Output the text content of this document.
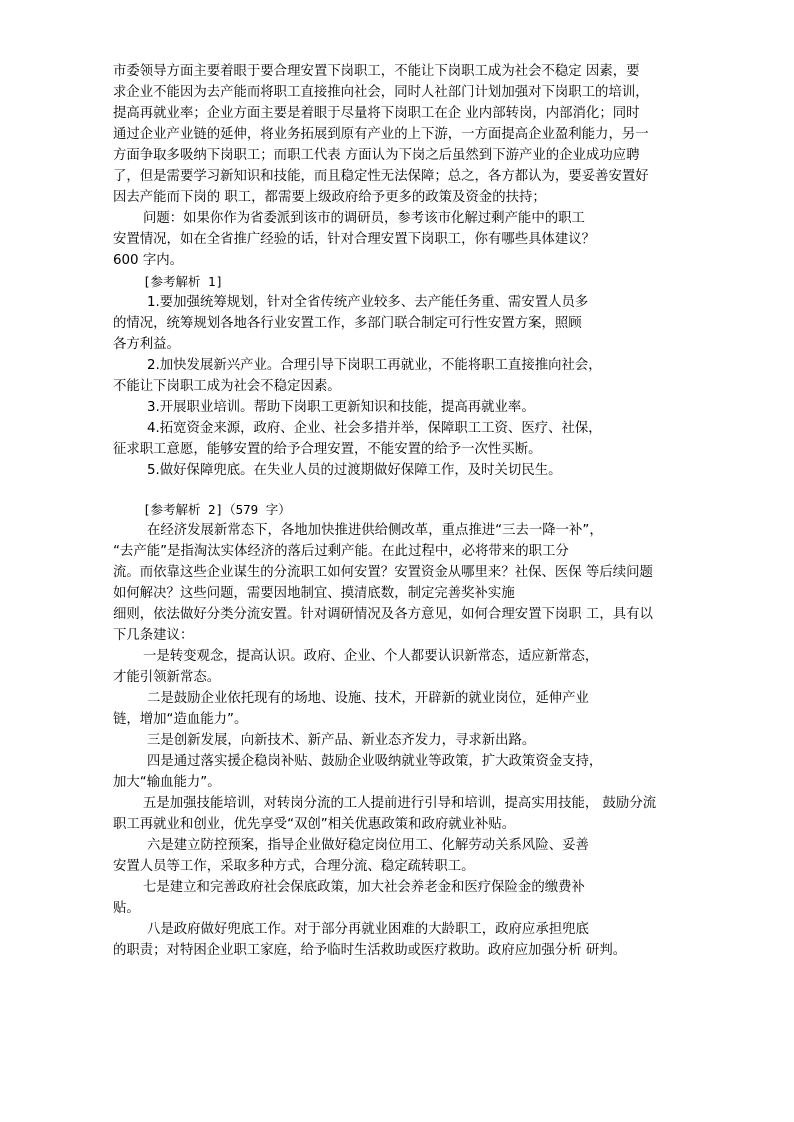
市委领导方面主要着眼于要合理安置下岗职工，不能让下岗职工成为社会不稳定 因素，要
求企业不能因为去产能而将职工直接推向社会，同时人社部门计划加强对下岗职工的培训，
提高再就业率；企业方面主要是着眼于尽量将下岗职工在企 业内部转岗，内部消化；同时
通过企业产业链的延伸，将业务拓展到原有产业的上下游，一方面提高企业盈利能力，另一
方面争取多吸纳下岗职工；而职工代表 方面认为下岗之后虽然到下游产业的企业成功应聘
了，但是需要学习新知识和技能，而且稳定性无法保障；总之，各方都认为，要妥善安置好
因去产能而下岗的 职工，都需要上级政府给予更多的政策及资金的扶持；
问题：如果你作为省委派到该市的调研员，参考该市化解过剩产能中的职工
安置情况，如在全省推广经验的话，针对合理安置下岗职工，你有哪些具体建议？
600 字内。
[参考解析 1]
1.要加强统筹规划，针对全省传统产业较多、去产能任务重、需安置人员多
的情况，统筹规划各地各行业安置工作，多部门联合制定可行性安置方案，照顾
各方利益。
2.加快发展新兴产业。合理引导下岗职工再就业，不能将职工直接推向社会，
不能让下岗职工成为社会不稳定因素。
3.开展职业培训。帮助下岗职工更新知识和技能，提高再就业率。
4.拓宽资金来源，政府、企业、社会多措并举，保障职工工资、医疗、社保，
征求职工意愿，能够安置的给予合理安置，不能安置的给予一次性买断。
5.做好保障兜底。在失业人员的过渡期做好保障工作，及时关切民生。
[参考解析 2]（579 字）
在经济发展新常态下，各地加快推进供给侧改革，重点推进“三去一降一补”，
“去产能”是指淘汰实体经济的落后过剩产能。在此过程中，必将带来的职工分
流。而依靠这些企业谋生的分流职工如何安置？安置资金从哪里来？社保、医保 等后续问题
如何解决？这些问题，需要因地制宜、摸清底数，制定完善奖补实施
细则，依法做好分类分流安置。针对调研情况及各方意见，如何合理安置下岗职 工，具有以
下几条建议：
一是转变观念，提高认识。政府、企业、个人都要认识新常态，适应新常态，
才能引领新常态。
二是鼓励企业依托现有的场地、设施、技术，开辟新的就业岗位，延伸产业
链，增加“造血能力”。
三是创新发展，向新技术、新产品、新业态齐发力，寻求新出路。
四是通过落实援企稳岗补贴、鼓励企业吸纳就业等政策，扩大政策资金支持，
加大“输血能力”。
五是加强技能培训，对转岗分流的工人提前进行引导和培训，提高实用技能， 鼓励分流
职工再就业和创业，优先享受“双创”相关优惠政策和政府就业补贴。
六是建立防控预案，指导企业做好稳定岗位用工、化解劳动关系风险、妥善
安置人员等工作，采取多种方式，合理分流、稳定疏转职工。
七是建立和完善政府社会保底政策，加大社会养老金和医疗保险金的缴费补
贴。
八是政府做好兜底工作。对于部分再就业困难的大龄职工，政府应承担兜底
的职责；对特困企业职工家庭，给予临时生活救助或医疗救助。政府应加强分析 研判。
